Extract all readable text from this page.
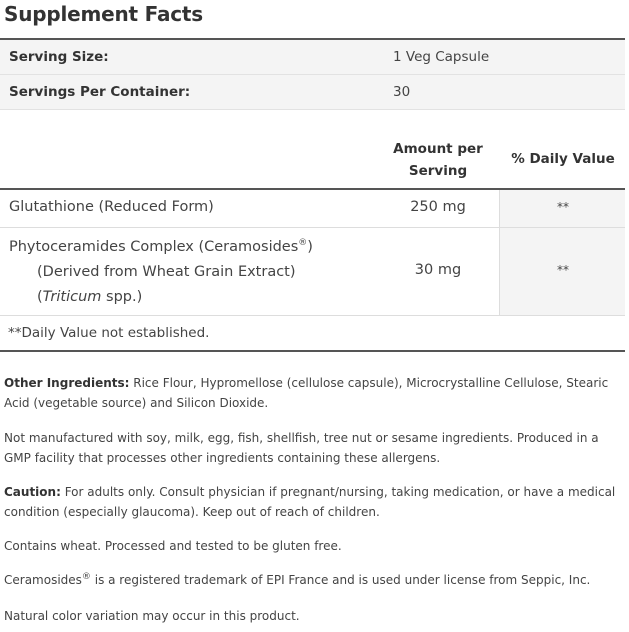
Supplement Facts
Serving Size:	1 Veg Capsule
Servings Per Container:	30
Amount per
Serving
% Daily Value
Glutathione (Reduced Form)	250 mg	**
Phytoceramides Complex (Ceramosides®)
(Derived from Wheat Grain Extract)
(Triticum spp.)
30 mg	**
**Daily Value not established.
Other Ingredients: Rice Flour, Hypromellose (cellulose capsule), Microcrystalline Cellulose, Stearic Acid (vegetable source) and Silicon Dioxide.
Not manufactured with soy, milk, egg, fish, shellfish, tree nut or sesame ingredients. Produced in a GMP facility that processes other ingredients containing these allergens.
Caution: For adults only. Consult physician if pregnant/nursing, taking medication, or have a medical condition (especially glaucoma). Keep out of reach of children.
Contains wheat. Processed and tested to be gluten free.
Ceramosides® is a registered trademark of EPI France and is used under license from Seppic, Inc.
Natural color variation may occur in this product.
